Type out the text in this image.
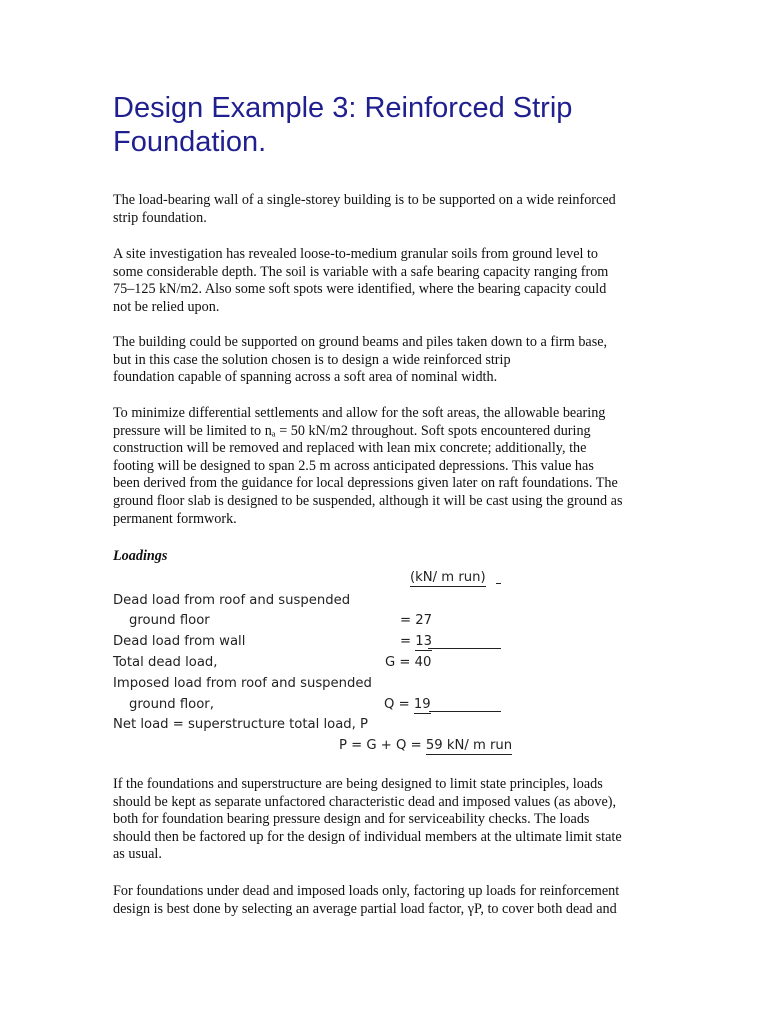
Design Example 3: Reinforced Strip
Foundation.
The load-bearing wall of a single-storey building is to be supported on a wide reinforced
strip foundation.
A site investigation has revealed loose-to-medium granular soils from ground level to
some considerable depth. The soil is variable with a safe bearing capacity ranging from
75–125 kN/m2. Also some soft spots were identified, where the bearing capacity could
not be relied upon.
The building could be supported on ground beams and piles taken down to a firm base,
but in this case the solution chosen is to design a wide reinforced strip
foundation capable of spanning across a soft area of nominal width.
To minimize differential settlements and allow for the soft areas, the allowable bearing
pressure will be limited to nₐ = 50 kN/m2 throughout. Soft spots encountered during
construction will be removed and replaced with lean mix concrete; additionally, the
footing will be designed to span 2.5 m across anticipated depressions. This value has
been derived from the guidance for local depressions given later on raft foundations. The
ground floor slab is designed to be suspended, although it will be cast using the ground as
permanent formwork.
Loadings
(kN/ m run)
Dead load from roof and suspended
ground floor	= 27
Dead load from wall	= 13
Total dead load,	G = 40
Imposed load from roof and suspended
ground floor,	Q = 19
Net load = superstructure total load, P
P = G + Q = 59 kN/ m run
If the foundations and superstructure are being designed to limit state principles, loads
should be kept as separate unfactored characteristic dead and imposed values (as above),
both for foundation bearing pressure design and for serviceability checks. The loads
should then be factored up for the design of individual members at the ultimate limit state
as usual.
For foundations under dead and imposed loads only, factoring up loads for reinforcement
design is best done by selecting an average partial load factor, γP, to cover both dead and
